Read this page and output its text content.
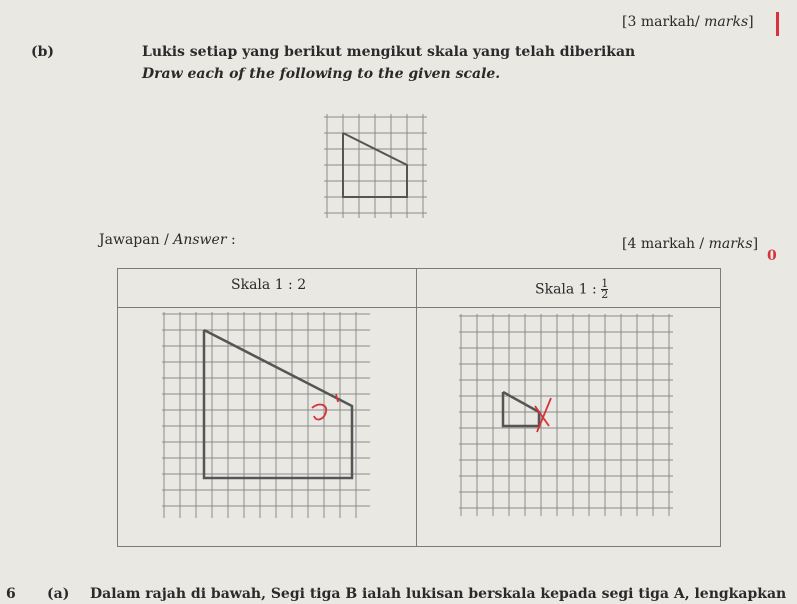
[3 markah/ marks]
(b)	Lukis setiap yang berikut mengikut skala yang telah diberikan
Draw each of the following to the given scale.
Jawapan / Answer :	[4 markah / marks]
0
Skala 1 : 2	Skala 1 : $\frac{1}{2}$
6 (a) Dalam rajah di bawah, Segi tiga B ialah lukisan berskala kepada segi tiga A, lengkapkan
